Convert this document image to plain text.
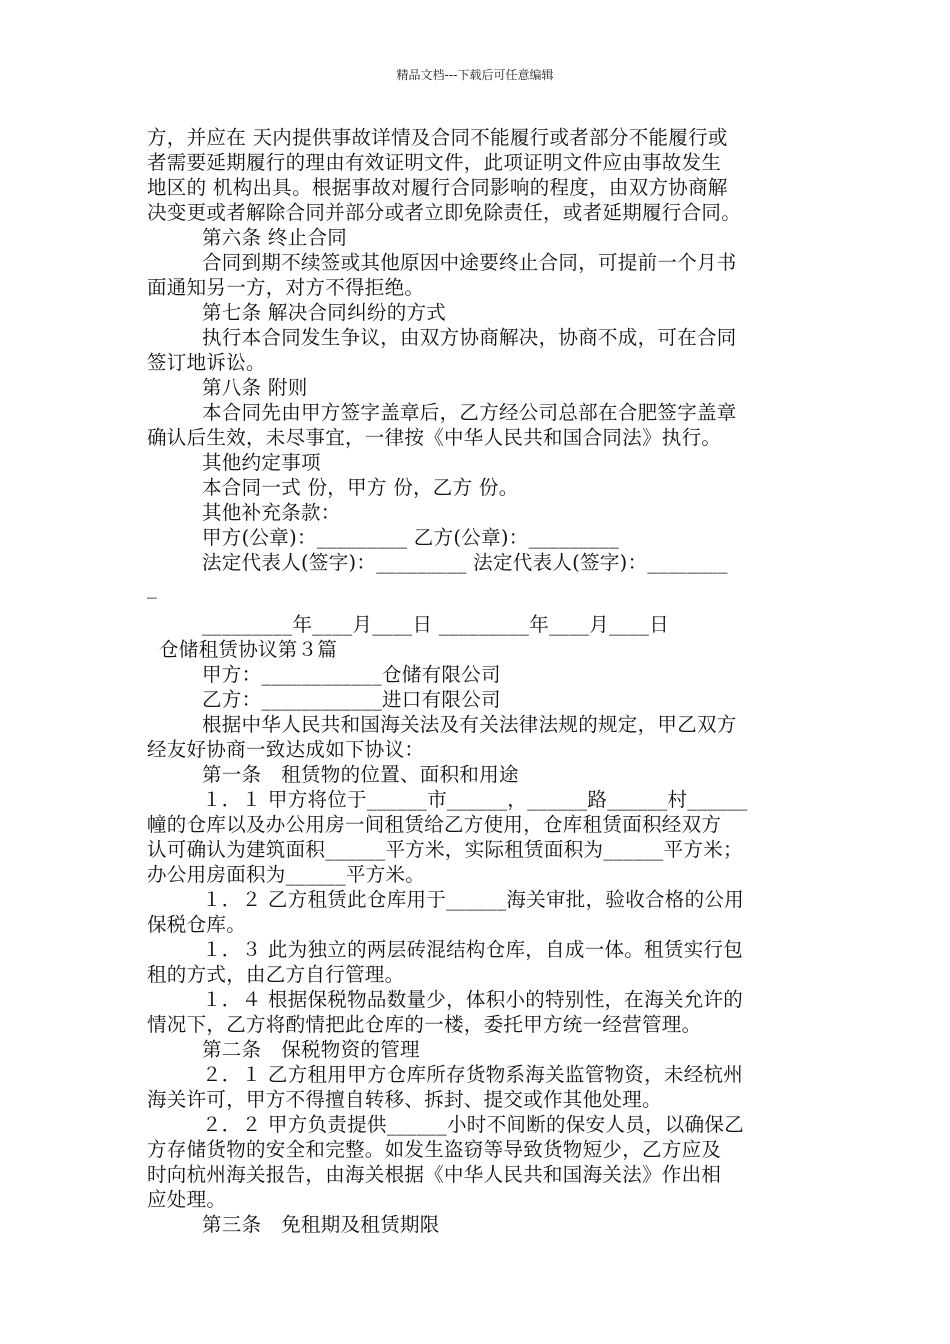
精品文档---下载后可任意编辑
方，并应在 天内提供事故详情及合同不能履行或者部分不能履行或
者需要延期履行的理由有效证明文件，此项证明文件应由事故发生
地区的 机构出具。根据事故对履行合同影响的程度，由双方协商解
决变更或者解除合同并部分或者立即免除责任，或者延期履行合同。
第六条 终止合同
合同到期不续签或其他原因中途要终止合同，可提前一个月书
面通知另一方，对方不得拒绝。
第七条 解决合同纠纷的方式
执行本合同发生争议，由双方协商解决，协商不成，可在合同
签订地诉讼。
第八条 附则
本合同先由甲方签字盖章后，乙方经公司总部在合肥签字盖章
确认后生效，未尽事宜，一律按《中华人民共和国合同法》执行。
其他约定事项
本合同一式 份，甲方 份，乙方 份。
其他补充条款：
甲方(公章)：_________ 乙方(公章)：_________
法定代表人(签字)：_________ 法定代表人(签字)：________
_
_________年____月____日 _________年____月____日
仓储租赁协议第３篇
甲方：____________仓储有限公司
乙方：____________进口有限公司
根据中华人民共和国海关法及有关法律法规的规定，甲乙双方
经友好协商一致达成如下协议：
第一条　租赁物的位置、面积和用途
１．１ 甲方将位于______市______，______路______村______
幢的仓库以及办公用房一间租赁给乙方使用，仓库租赁面积经双方
认可确认为建筑面积______平方米，实际租赁面积为______平方米；
办公用房面积为______平方米。
１．２ 乙方租赁此仓库用于______海关审批，验收合格的公用
保税仓库。
１．３ 此为独立的两层砖混结构仓库，自成一体。租赁实行包
租的方式，由乙方自行管理。
１．４ 根据保税物品数量少，体积小的特别性，在海关允许的
情况下，乙方将酌情把此仓库的一楼，委托甲方统一经营管理。
第二条　保税物资的管理
２．１ 乙方租用甲方仓库所存货物系海关监管物资，未经杭州
海关许可，甲方不得擅自转移、拆封、提交或作其他处理。
２．２ 甲方负责提供______小时不间断的保安人员，以确保乙
方存储货物的安全和完整。如发生盗窃等导致货物短少，乙方应及
时向杭州海关报告，由海关根据《中华人民共和国海关法》作出相
应处理。
第三条　免租期及租赁期限
